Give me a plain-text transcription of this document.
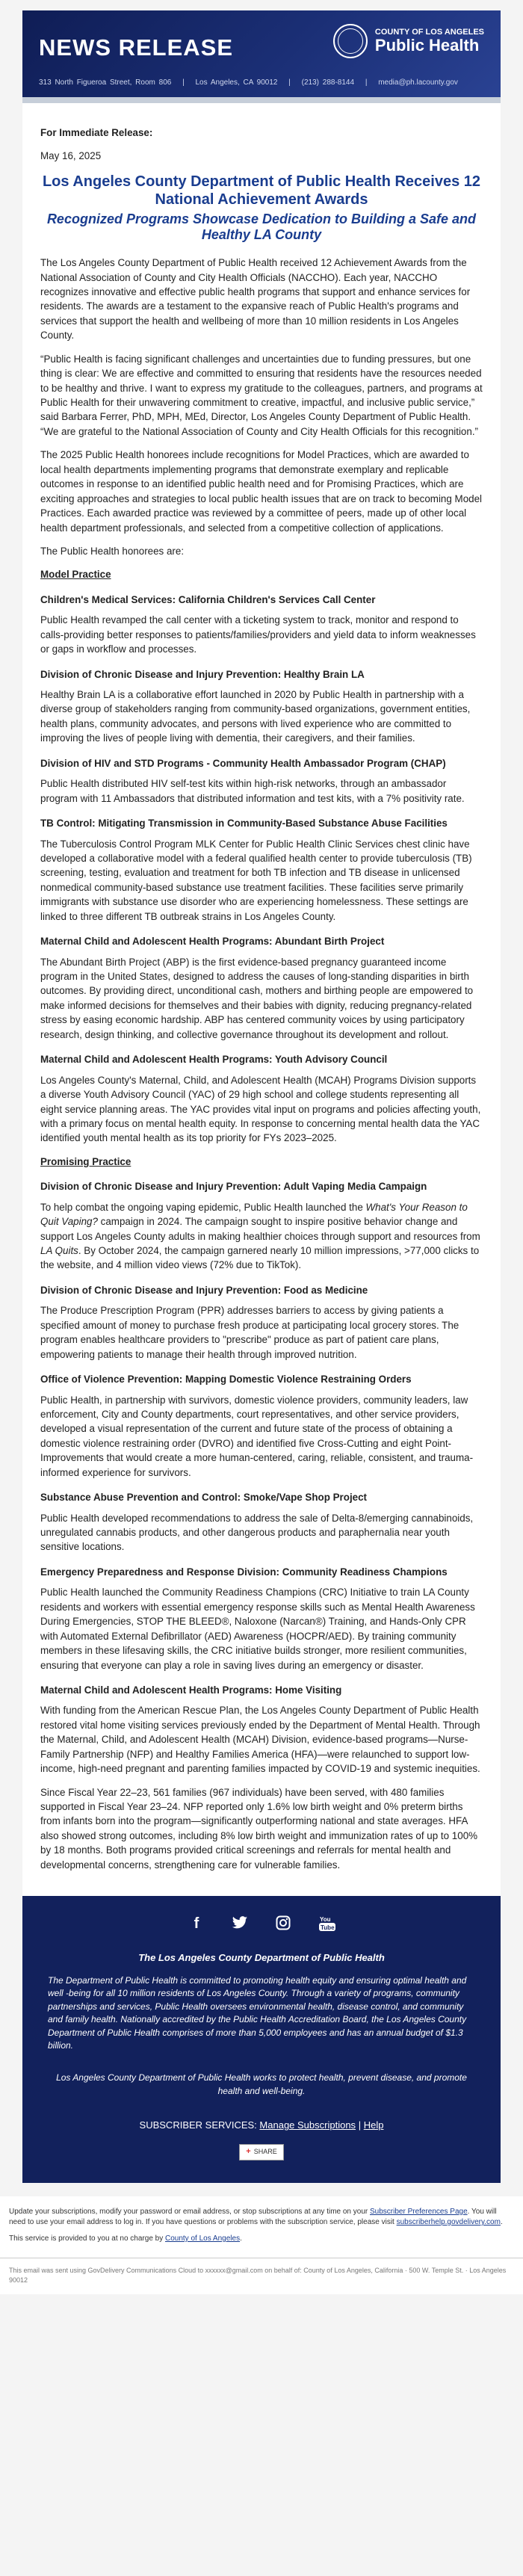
NEWS RELEASE
COUNTY OF LOS ANGELES
Public Health
313 North Figueroa Street, Room 806 | Los Angeles, CA 90012 | (213) 288-8144 | media@ph.lacounty.gov

For Immediate Release:

May 16, 2025

Los Angeles County Department of Public Health Receives 12 National Achievement Awards
Recognized Programs Showcase Dedication to Building a Safe and Healthy LA County

The Los Angeles County Department of Public Health received 12 Achievement Awards from the National Association of County and City Health Officials (NACCHO). Each year, NACCHO recognizes innovative and effective public health programs that support and enhance services for residents. The awards are a testament to the expansive reach of Public Health's programs and services that support the health and wellbeing of more than 10 million residents in Los Angeles County.

“Public Health is facing significant challenges and uncertainties due to funding pressures, but one thing is clear: We are effective and committed to ensuring that residents have the resources needed to be healthy and thrive. I want to express my gratitude to the colleagues, partners, and programs at Public Health for their unwavering commitment to creative, impactful, and inclusive public service,” said Barbara Ferrer, PhD, MPH, MEd, Director, Los Angeles County Department of Public Health. “We are grateful to the National Association of County and City Health Officials for this recognition.”

The 2025 Public Health honorees include recognitions for Model Practices, which are awarded to local health departments implementing programs that demonstrate exemplary and replicable outcomes in response to an identified public health need and for Promising Practices, which are exciting approaches and strategies to local public health issues that are on track to becoming Model Practices. Each awarded practice was reviewed by a committee of peers, made up of other local health department professionals, and selected from a competitive collection of applications.

The Public Health honorees are:

Model Practice
Children's Medical Services: California Children's Services Call Center

Public Health revamped the call center with a ticketing system to track, monitor and respond to calls-providing better responses to patients/families/providers and yield data to inform weaknesses or gaps in workflow and processes.

Division of Chronic Disease and Injury Prevention: Healthy Brain LA

Healthy Brain LA is a collaborative effort launched in 2020 by Public Health in partnership with a diverse group of stakeholders ranging from community-based organizations, government entities, health plans, community advocates, and persons with lived experience who are committed to improving the lives of people living with dementia, their caregivers, and their families.

Division of HIV and STD Programs - Community Health Ambassador Program (CHAP)

Public Health distributed HIV self-test kits within high-risk networks, through an ambassador program with 11 Ambassadors that distributed information and test kits, with a 7% positivity rate.

TB Control: Mitigating Transmission in Community-Based Substance Abuse Facilities

The Tuberculosis Control Program MLK Center for Public Health Clinic Services chest clinic have developed a collaborative model with a federal qualified health center to provide tuberculosis (TB) screening, testing, evaluation and treatment for both TB infection and TB disease in unlicensed nonmedical community-based substance use treatment facilities. These facilities serve primarily immigrants with substance use disorder who are experiencing homelessness. These settings are linked to three different TB outbreak strains in Los Angeles County.

Maternal Child and Adolescent Health Programs: Abundant Birth Project

The Abundant Birth Project (ABP) is the first evidence-based pregnancy guaranteed income program in the United States, designed to address the causes of long-standing disparities in birth outcomes. By providing direct, unconditional cash, mothers and birthing people are empowered to make informed decisions for themselves and their babies with dignity, reducing pregnancy-related stress by easing economic hardship. ABP has centered community voices by using participatory research, design thinking, and collective governance throughout its development and rollout.

Maternal Child and Adolescent Health Programs: Youth Advisory Council

Los Angeles County's Maternal, Child, and Adolescent Health (MCAH) Programs Division supports a diverse Youth Advisory Council (YAC) of 29 high school and college students representing all eight service planning areas. The YAC provides vital input on programs and policies affecting youth, with a primary focus on mental health equity. In response to concerning mental health data the YAC identified youth mental health as its top priority for FYs 2023–2025.

Promising Practice
Division of Chronic Disease and Injury Prevention: Adult Vaping Media Campaign

To help combat the ongoing vaping epidemic, Public Health launched the What's Your Reason to Quit Vaping? campaign in 2024. The campaign sought to inspire positive behavior change and support Los Angeles County adults in making healthier choices through support and resources from LA Quits. By October 2024, the campaign garnered nearly 10 million impressions, >77,000 clicks to the website, and 4 million video views (72% due to TikTok).

Division of Chronic Disease and Injury Prevention: Food as Medicine

The Produce Prescription Program (PPR) addresses barriers to access by giving patients a specified amount of money to purchase fresh produce at participating local grocery stores. The program enables healthcare providers to "prescribe" produce as part of patient care plans, empowering patients to manage their health through improved nutrition.

Office of Violence Prevention: Mapping Domestic Violence Restraining Orders

Public Health, in partnership with survivors, domestic violence providers, community leaders, law enforcement, City and County departments, court representatives, and other service providers, developed a visual representation of the current and future state of the process of obtaining a domestic violence restraining order (DVRO) and identified five Cross-Cutting and eight Point-Improvements that would create a more human-centered, caring, reliable, consistent, and trauma-informed experience for survivors.

Substance Abuse Prevention and Control: Smoke/Vape Shop Project

Public Health developed recommendations to address the sale of Delta-8/emerging cannabinoids, unregulated cannabis products, and other dangerous products and paraphernalia near youth sensitive locations.

Emergency Preparedness and Response Division: Community Readiness Champions

Public Health launched the Community Readiness Champions (CRC) Initiative to train LA County residents and workers with essential emergency response skills such as Mental Health Awareness During Emergencies, STOP THE BLEED®, Naloxone (Narcan®) Training, and Hands-Only CPR with Automated External Defibrillator (AED) Awareness (HOCPR/AED). By training community members in these lifesaving skills, the CRC initiative builds stronger, more resilient communities, ensuring that everyone can play a role in saving lives during an emergency or disaster.

Maternal Child and Adolescent Health Programs: Home Visiting

With funding from the American Rescue Plan, the Los Angeles County Department of Public Health restored vital home visiting services previously ended by the Department of Mental Health. Through the Maternal, Child, and Adolescent Health (MCAH) Division, evidence-based programs—Nurse-Family Partnership (NFP) and Healthy Families America (HFA)—were relaunched to support low-income, high-need pregnant and parenting families impacted by COVID-19 and systemic inequities.

Since Fiscal Year 22–23, 561 families (967 individuals) have been served, with 480 families supported in Fiscal Year 23–24. NFP reported only 1.6% low birth weight and 0% preterm births from infants born into the program—significantly outperforming national and state averages. HFA also showed strong outcomes, including 8% low birth weight and immunization rates of up to 100% by 18 months. Both programs provided critical screenings and referrals for mental health and developmental concerns, strengthening care for vulnerable families.

f	You
Tube

The Los Angeles County Department of Public Health

The Department of Public Health is committed to promoting health equity and ensuring optimal health and well -being for all 10 million residents of Los Angeles County. Through a variety of programs, community partnerships and services, Public Health oversees environmental health, disease control, and community and family health. Nationally accredited by the Public Health Accreditation Board, the Los Angeles County Department of Public Health comprises of more than 5,000 employees and has an annual budget of $1.3 billion.

Los Angeles County Department of Public Health works to protect health, prevent disease, and promote health and well-being.

SUBSCRIBER SERVICES: Manage Subscriptions | Help

+ SHARE

Update your subscriptions, modify your password or email address, or stop subscriptions at any time on your Subscriber Preferences Page. You will need to use your email address to log in. If you have questions or problems with the subscription service, please visit subscriberhelp.govdelivery.com.

This service is provided to you at no charge by County of Los Angeles.

This email was sent using GovDelivery Communications Cloud to xxxxxx@gmail.com on behalf of: County of Los Angeles, California · 500 W. Temple St. · Los Angeles 90012
